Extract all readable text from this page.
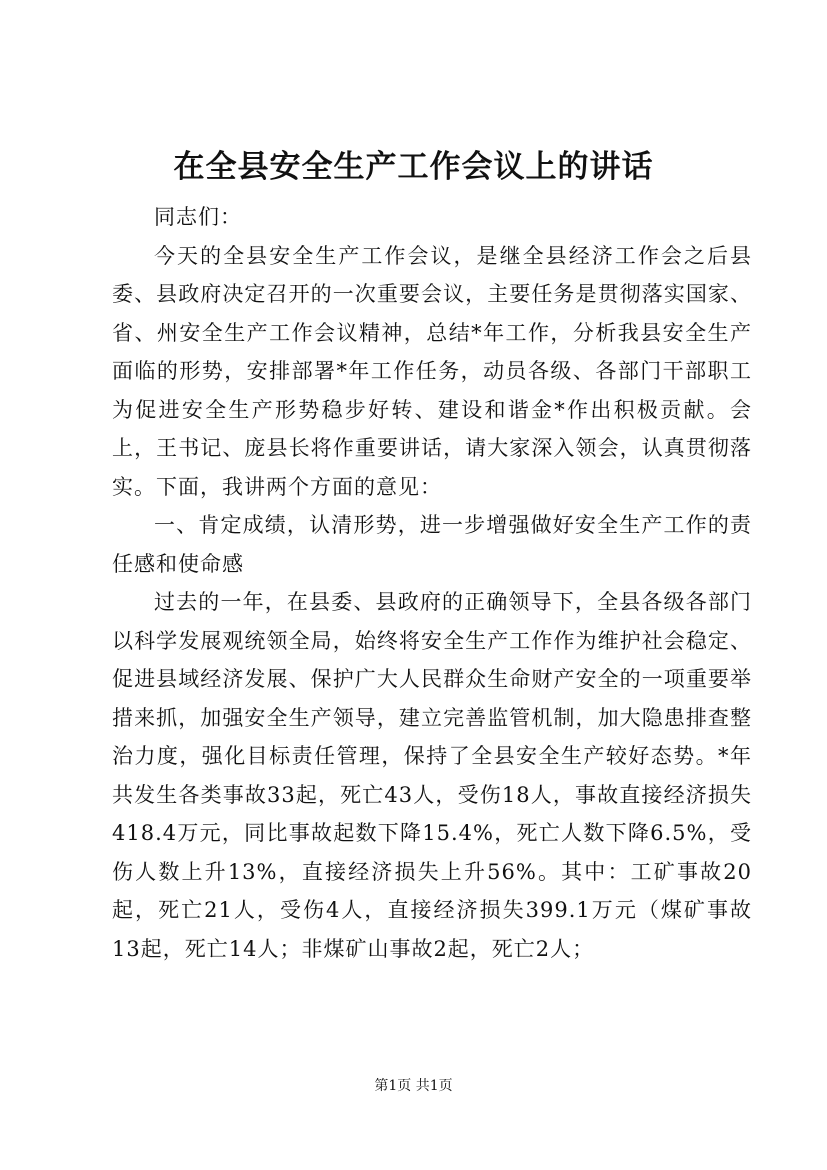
在全县安全生产工作会议上的讲话

同志们：

今天的全县安全生产工作会议，是继全县经济工作会之后县委、县政府决定召开的一次重要会议，主要任务是贯彻落实国家、省、州安全生产工作会议精神，总结*年工作，分析我县安全生产面临的形势，安排部署*年工作任务，动员各级、各部门干部职工为促进安全生产形势稳步好转、建设和谐金*作出积极贡献。会上，王书记、庞县长将作重要讲话，请大家深入领会，认真贯彻落实。下面，我讲两个方面的意见：

一、肯定成绩，认清形势，进一步增强做好安全生产工作的责任感和使命感

过去的一年，在县委、县政府的正确领导下，全县各级各部门以科学发展观统领全局，始终将安全生产工作作为维护社会稳定、促进县域经济发展、保护广大人民群众生命财产安全的一项重要举措来抓，加强安全生产领导，建立完善监管机制，加大隐患排查整治力度，强化目标责任管理，保持了全县安全生产较好态势。*年共发生各类事故33起，死亡43人，受伤18人，事故直接经济损失418.4万元，同比事故起数下降15.4%，死亡人数下降6.5%，受伤人数上升13%，直接经济损失上升56%。其中：工矿事故20起，死亡21人，受伤4人，直接经济损失399.1万元（煤矿事故13起，死亡14人；非煤矿山事故2起，死亡2人；

第1页 共1页
